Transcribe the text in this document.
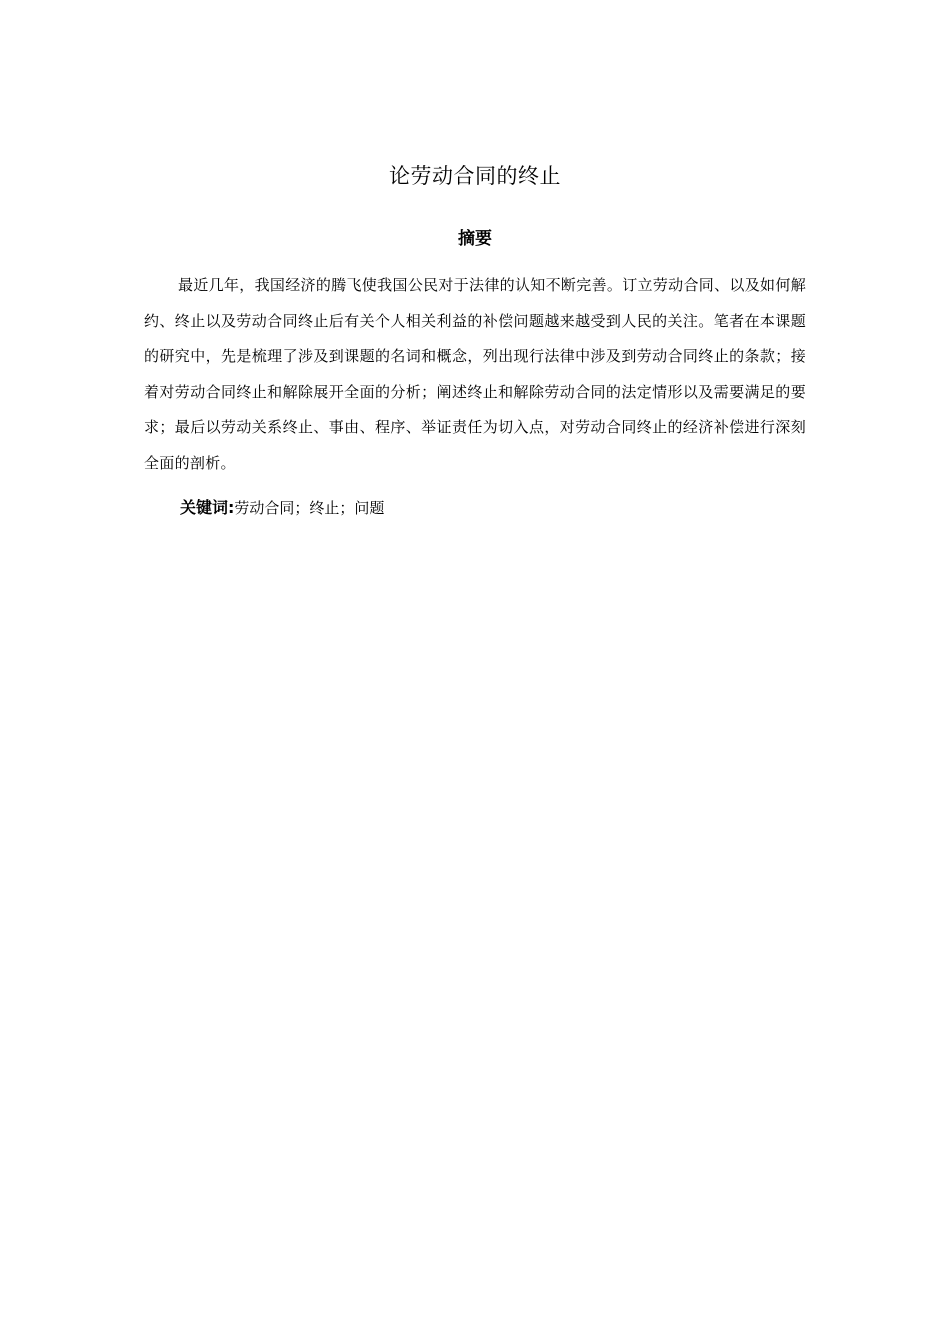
论劳动合同的终止
摘要

最近几年，我国经济的腾飞使我国公民对于法律的认知不断完善。订立劳动合同、以及如何解约、终止以及劳动合同终止后有关个人相关利益的补偿问题越来越受到人民的关注。笔者在本课题的研究中，先是梳理了涉及到课题的名词和概念，列出现行法律中涉及到劳动合同终止的条款；接着对劳动合同终止和解除展开全面的分析；阐述终止和解除劳动合同的法定情形以及需要满足的要求；最后以劳动关系终止、事由、程序、举证责任为切入点，对劳动合同终止的经济补偿进行深刻全面的剖析。

关键词:劳动合同；终止；问题
